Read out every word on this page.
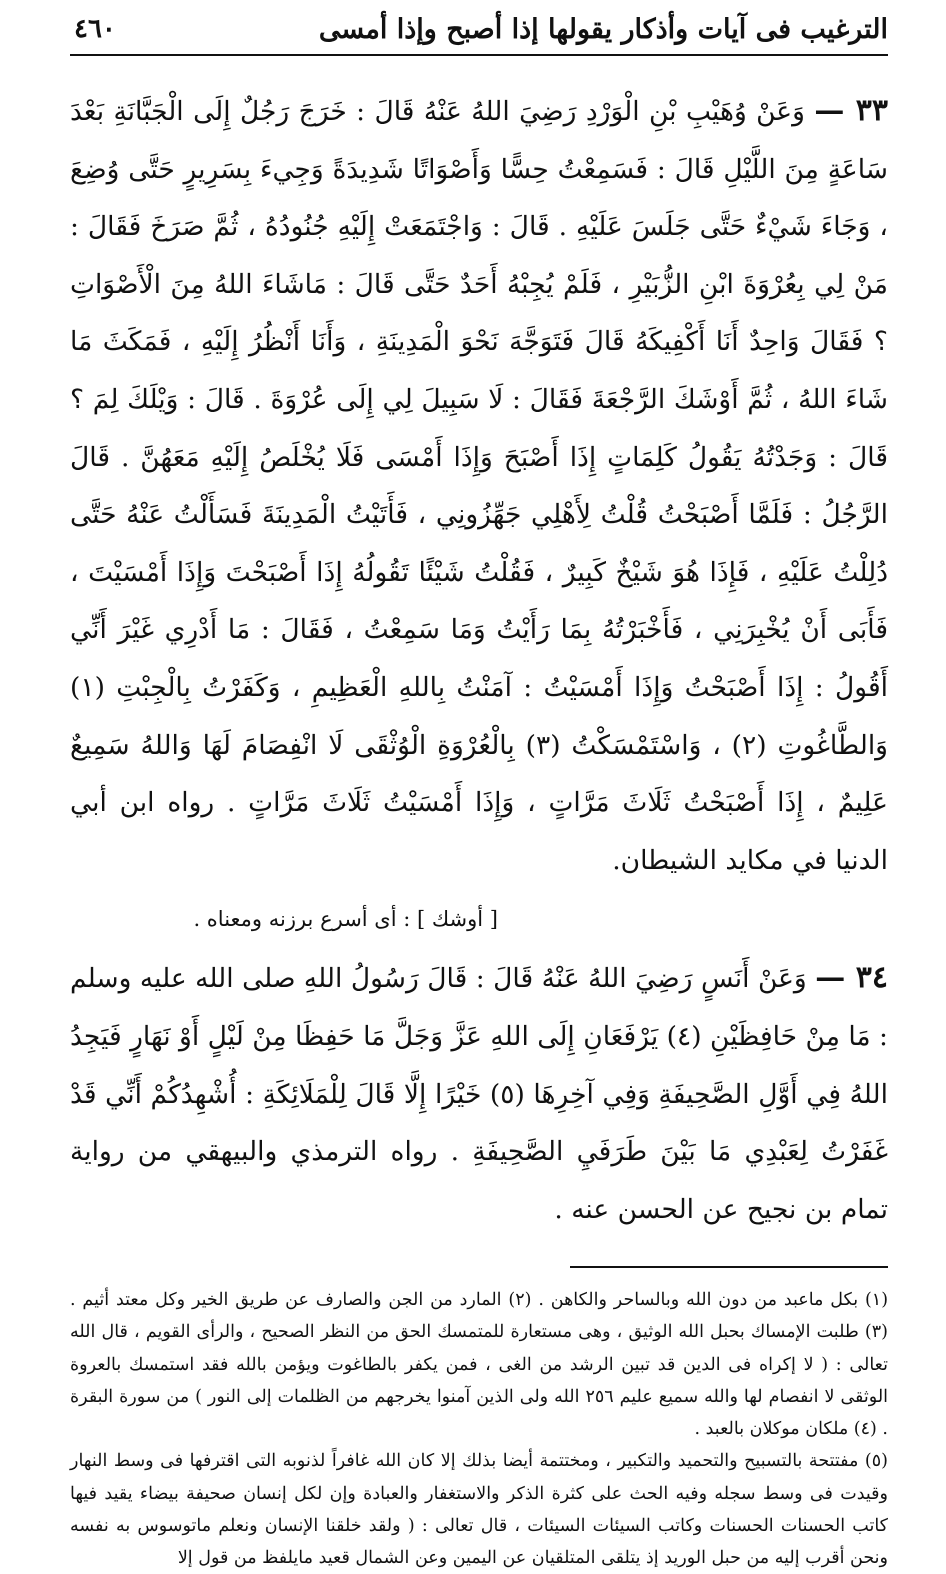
الترغيب فى آيات وأذكار يقولها إذا أصبح وإذا أمسى
٤٦٠

٣٣ — وَعَنْ وُهَيْبِ بْنِ الْوَرْدِ رَضِيَ اللهُ عَنْهُ قَالَ : خَرَجَ رَجُلٌ إِلَى الْجَبَّانَةِ بَعْدَ سَاعَةٍ مِنَ اللَّيْلِ قَالَ : فَسَمِعْتُ حِسًّا وَأَصْوَاتًا شَدِيدَةً وَجِيءَ بِسَرِيرٍ حَتَّى وُضِعَ ، وَجَاءَ شَيْءٌ حَتَّى جَلَسَ عَلَيْهِ . قَالَ : وَاجْتَمَعَتْ إِلَيْهِ جُنُودُهُ ، ثُمَّ صَرَخَ فَقَالَ : مَنْ لِي بِعُرْوَةَ ابْنِ الزُّبَيْرِ ، فَلَمْ يُجِبْهُ أَحَدٌ حَتَّى قَالَ : مَاشَاءَ اللهُ مِنَ الْأَصْوَاتِ ؟ فَقَالَ وَاحِدٌ أَنَا أَكْفِيكَهُ قَالَ فَتَوَجَّهَ نَحْوَ الْمَدِينَةِ ، وَأَنَا أَنْظُرُ إِلَيْهِ ، فَمَكَثَ مَا شَاءَ اللهُ ، ثُمَّ أَوْشَكَ الرَّجْعَةَ فَقَالَ : لَا سَبِيلَ لِي إِلَى عُرْوَةَ . قَالَ : وَيْلَكَ لِمَ ؟ قَالَ : وَجَدْتُهُ يَقُولُ كَلِمَاتٍ إِذَا أَصْبَحَ وَإِذَا أَمْسَى فَلَا يُخْلَصُ إِلَيْهِ مَعَهُنَّ . قَالَ الرَّجُلُ : فَلَمَّا أَصْبَحْتُ قُلْتُ لِأَهْلِي جَهِّزُونِي ، فَأَتَيْتُ الْمَدِينَةَ فَسَأَلْتُ عَنْهُ حَتَّى دُلِلْتُ عَلَيْهِ ، فَإِذَا هُوَ شَيْخٌ كَبِيرٌ ، فَقُلْتُ شَيْئًا تَقُولُهُ إِذَا أَصْبَحْتَ وَإِذَا أَمْسَيْتَ ، فَأَبَى أَنْ يُخْبِرَنِي ، فَأَخْبَرْتُهُ بِمَا رَأَيْتُ وَمَا سَمِعْتُ ، فَقَالَ : مَا أَدْرِي غَيْرَ أَنِّي أَقُولُ : إِذَا أَصْبَحْتُ وَإِذَا أَمْسَيْتُ : آمَنْتُ بِاللهِ الْعَظِيمِ ، وَكَفَرْتُ بِالْجِبْتِ (١) وَالطَّاغُوتِ (٢) ، وَاسْتَمْسَكْتُ (٣) بِالْعُرْوَةِ الْوُثْقَى لَا انْفِصَامَ لَهَا وَاللهُ سَمِيعٌ عَلِيمٌ ، إِذَا أَصْبَحْتُ ثَلَاثَ مَرَّاتٍ ، وَإِذَا أَمْسَيْتُ ثَلَاثَ مَرَّاتٍ . رواه ابن أبي الدنيا في مكايد الشيطان.

[ أوشك ] : أى أسرع برزنه ومعناه .

٣٤ — وَعَنْ أَنَسٍ رَضِيَ اللهُ عَنْهُ قَالَ : قَالَ رَسُولُ اللهِ صلى الله عليه وسلم : مَا مِنْ حَافِظَيْنِ (٤) يَرْفَعَانِ إِلَى اللهِ عَزَّ وَجَلَّ مَا حَفِظَا مِنْ لَيْلٍ أَوْ نَهَارٍ فَيَجِدُ اللهُ فِي أَوَّلِ الصَّحِيفَةِ وَفِي آخِرِهَا (٥) خَيْرًا إِلَّا قَالَ لِلْمَلَائِكَةِ : أُشْهِدُكُمْ أَنِّي قَدْ غَفَرْتُ لِعَبْدِي مَا بَيْنَ طَرَفَيِ الصَّحِيفَةِ . رواه الترمذي والبيهقي من رواية تمام بن نجيح عن الحسن عنه .

(١) بكل ماعبد من دون الله وبالساحر والكاهن . (٢) المارد من الجن والصارف عن طريق الخير وكل معتد أثيم . (٣) طلبت الإمساك بحبل الله الوثيق ، وهى مستعارة للمتمسك الحق من النظر الصحيح ، والرأى القويم ، قال الله تعالى : ( لا إكراه فى الدين قد تبين الرشد من الغى ، فمن يكفر بالطاغوت ويؤمن بالله فقد استمسك بالعروة الوثقى لا انفصام لها والله سميع عليم ٢٥٦ الله ولى الذين آمنوا يخرجهم من الظلمات إلى النور ) من سورة البقرة . (٤) ملكان موكلان بالعبد .

(٥) مفتتحة بالتسبيح والتحميد والتكبير ، ومختتمة أيضا بذلك إلا كان الله غافراً لذنوبه التى اقترفها فى وسط النهار وقيدت فى وسط سجله وفيه الحث على كثرة الذكر والاستغفار والعبادة وإن لكل إنسان صحيفة بيضاء يقيد فيها كاتب الحسنات الحسنات وكاتب السيئات السيئات ، قال تعالى : ( ولقد خلقنا الإنسان ونعلم ماتوسوس به نفسه ونحن أقرب إليه من حبل الوريد إذ يتلقى المتلقيان عن اليمين وعن الشمال قعيد مايلفظ من قول إلا
